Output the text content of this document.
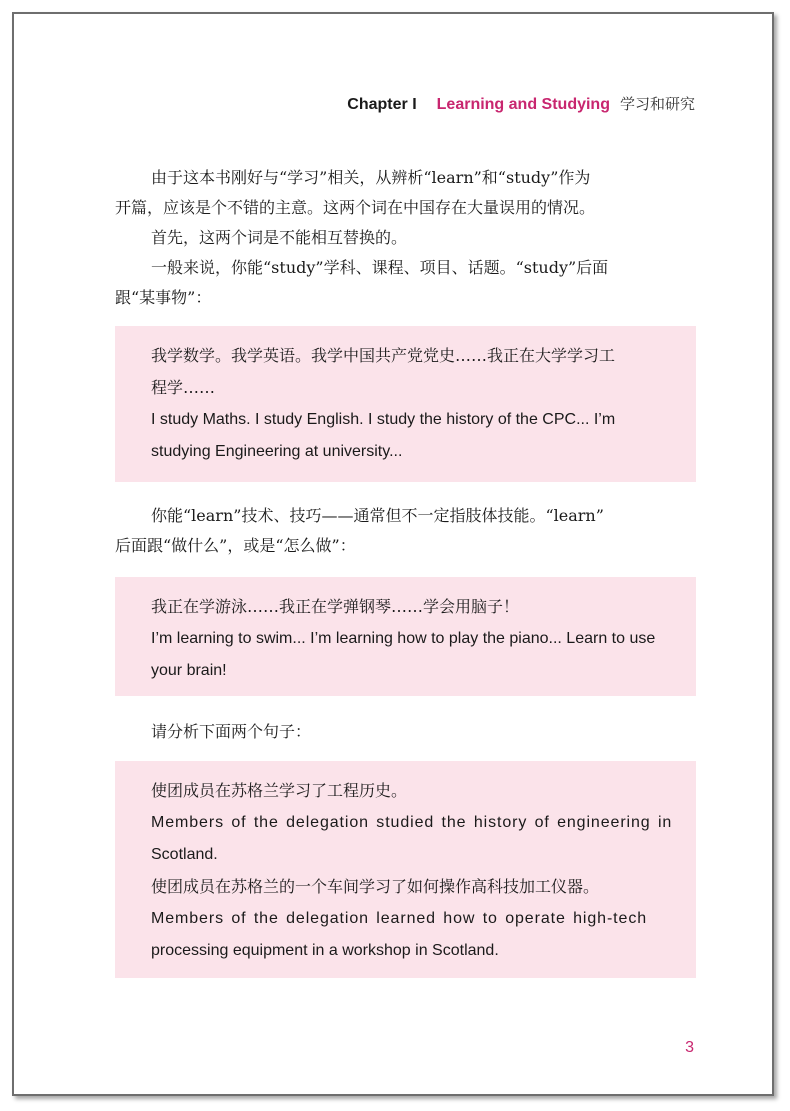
Chapter I Learning and Studying 学习和研究
由于这本书刚好与“学习”相关，从辨析“learn”和“study”作为
开篇，应该是个不错的主意。这两个词在中国存在大量误用的情况。
首先，这两个词是不能相互替换的。
一般来说，你能“study”学科、课程、项目、话题。“study”后面
跟“某事物”：
我学数学。我学英语。我学中国共产党党史……我正在大学学习工
程学……
I study Maths. I study English. I study the history of the CPC... I’m
studying Engineering at university...
你能“learn”技术、技巧——通常但不一定指肢体技能。“learn”
后面跟“做什么”，或是“怎么做”：
我正在学游泳……我正在学弹钢琴……学会用脑子！
I’m learning to swim... I’m learning how to play the piano... Learn to use
your brain!
请分析下面两个句子：
使团成员在苏格兰学习了工程历史。
Members of the delegation studied the history of engineering in
Scotland.
使团成员在苏格兰的一个车间学习了如何操作高科技加工仪器。
Members of the delegation learned how to operate high-tech
processing equipment in a workshop in Scotland.
3
